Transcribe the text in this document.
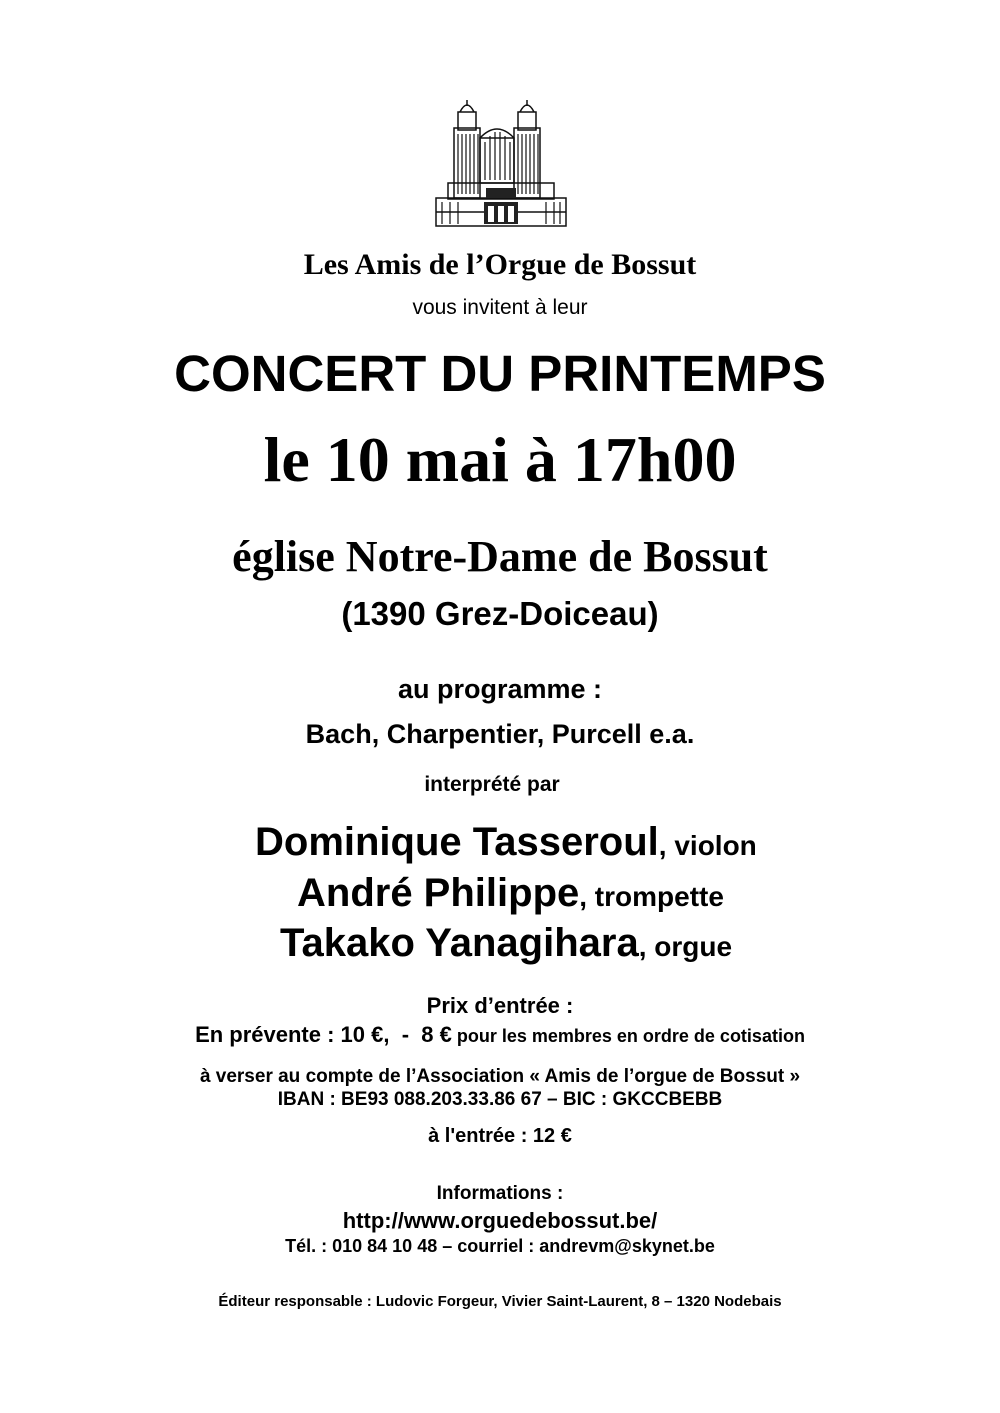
Les Amis de l’Orgue de Bossut
vous invitent à leur
CONCERT DU PRINTEMPS
le 10 mai à 17h00
église Notre-Dame de Bossut
(1390 Grez-Doiceau)
au programme :
Bach, Charpentier, Purcell e.a.
interprété par
Dominique Tasseroul, violon
André Philippe, trompette
Takako Yanagihara, orgue
Prix d’entrée :
En prévente : 10 €,  -  8 € pour les membres en ordre de cotisation
à verser au compte de l’Association « Amis de l’orgue de Bossut »
IBAN : BE93 088.203.33.86 67 – BIC : GKCCBEBB
à l'entrée : 12 €
Informations :
http://www.orguedebossut.be/
Tél. : 010 84 10 48 – courriel : andrevm@skynet.be
Éditeur responsable : Ludovic Forgeur, Vivier Saint-Laurent, 8 – 1320 Nodebais
